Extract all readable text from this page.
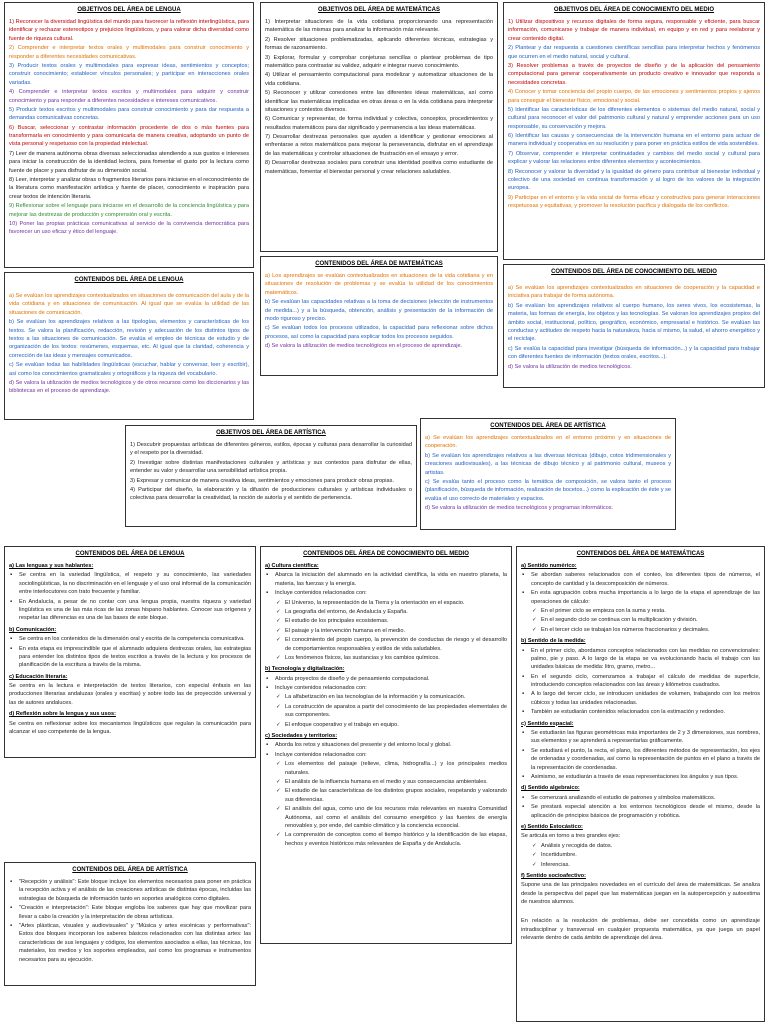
OBJETIVOS DEL ÁREA DE LENGUA

1) Reconocer la diversidad lingüística del mundo para favorecer la reflexión interlingüística, para identificar y rechazar estereotipos y prejuicios lingüísticos, y para valorar dicha diversidad como fuente de riqueza cultural.

2) Comprender e interpretar textos orales y multimodales para construir conocimiento y responder a diferentes necesidades comunicativas.

3) Producir textos orales y multimodales para expresar ideas, sentimientos y conceptos; construir conocimiento; establecer vínculos personales; y participar en interacciones orales variadas.

4) Comprender e interpretar textos escritos y multimodales para adquirir y construir conocimiento y para responder a diferentes necesidades e intereses comunicativos.

5) Producir textos escritos y multimodales para construir conocimiento y para dar respuesta a demandas comunicativas concretas.

6) Buscar, seleccionar y contrastar información procedente de dos o más fuentes para transformarla en conocimiento y para comunicarla de manera creativa, adoptando un punto de vista personal y respetuoso con la propiedad intelectual.

7) Leer de manera autónoma obras diversas seleccionadas atendiendo a sus gustos e intereses para iniciar la construcción de la identidad lectora, para fomentar el gusto por la lectura como fuente de placer y para disfrutar de su dimensión social.

8) Leer, interpretar y analizar obras o fragmentos literarios para iniciarse en el reconocimiento de la literatura como manifestación artística y fuente de placer, conocimiento e inspiración para crear textos de intención literaria.

9) Reflexionar sobre el lenguaje para iniciarse en el desarrollo de la conciencia lingüística y para mejorar las destrezas de producción y comprensión oral y escrita.

10) Poner las propias prácticas comunicativas al servicio de la convivencia democrática para favorecer un uso eficaz y ético del lenguaje.

OBJETIVOS DEL ÁREA DE MATEMÁTICAS

1) Interpretar situaciones de la vida cotidiana proporcionando una representación matemática de las mismas para analizar la información más relevante.

2) Resolver situaciones problematizadas, aplicando diferentes técnicas, estrategias y formas de razonamiento.

3) Explorar, formular y comprobar conjeturas sencillas o plantear problemas de tipo matemático para contrastar su validez, adquirir e integrar nuevo conocimiento.

4) Utilizar el pensamiento computacional para modelizar y automatizar situaciones de la vida cotidiana.

5) Reconocer y utilizar conexiones entre las diferentes ideas matemáticas, así como identificar las matemáticas implicadas en otras áreas o en la vida cotidiana para interpretar situaciones y contextos diversos.

6) Comunicar y representar, de forma individual y colectiva, conceptos, procedimientos y resultados matemáticos para dar significado y permanencia a las ideas matemáticas.

7) Desarrollar destrezas personales que ayuden a identificar y gestionar emociones al enfrentarse a retos matemáticos para mejorar la perseverancia, disfrutar en el aprendizaje de las matemáticas y controlar situaciones de frustración en el ensayo y error.

8) Desarrollar destrezas sociales para construir una identidad positiva como estudiante de matemáticas, fomentar el bienestar personal y crear relaciones saludables.

OBJETIVOS DEL ÁREA DE CONOCIMIENTO DEL MEDIO

1) Utilizar dispositivos y recursos digitales de forma segura, responsable y eficiente, para buscar información, comunicarse y trabajar de manera individual, en equipo y en red y para reelaborar y crear contenido digital.

2) Plantear y dar respuesta a cuestiones científicas sencillas para interpretar hechos y fenómenos que ocurren en el medio natural, social y cultural.

3) Resolver problemas a través de proyectos de diseño y de la aplicación del pensamiento computacional para generar cooperativamente un producto creativo e innovador que responda a necesidades concretas.

4) Conocer y tomar conciencia del propio cuerpo, de las emociones y sentimientos propios y ajenos para conseguir el bienestar físico, emocional y social.

5) Identificar las características de los diferentes elementos o sistemas del medio natural, social y cultural para reconocer el valor del patrimonio cultural y natural y emprender acciones para un uso responsable, su conservación y mejora.

6) Identificar las causas y consecuencias de la intervención humana en el entorno para actuar de manera individual y cooperativa en su resolución y para poner en práctica estilos de vida sostenibles.

7) Observar, comprender e interpretar continuidades y cambios del medio social y cultural para explicar y valorar las relaciones entre diferentes elementos y acontecimientos.

8) Reconocer y valorar la diversidad y la igualdad de género para contribuir al bienestar individual y colectivo de una sociedad en continua transformación y al logro de los valores de la integración europea.

9) Participar en el entorno y la vida social de forma eficaz y constructiva para generar interacciones respetuosas y equitativas, y promover la resolución pacífica y dialogada de los conflictos.

CONTENIDOS DEL ÁREA DE LENGUA

a) Se evalúan los aprendizajes contextualizados en situaciones de comunicación del aula y de la vida cotidiana y en situaciones de comunicación. Al igual que se evalúa la utilidad de las situaciones de comunicación.

b) Se evalúan los aprendizajes relativos a las tipologías, elementos y características de los textos. Se valora la planificación, redacción, revisión y adecuación de los distintos tipos de textos a las situaciones de comunicación. Se evalúa el empleo de técnicas de estudio y de organización de los textos: resúmenes, esquemas, etc. Al igual que la claridad, coherencia y corrección de las ideas y mensajes comunicados.

c) Se evalúan todas las habilidades lingüísticas (escuchar, hablar y conversar, leer y escribir), así como los conocimientos gramaticales y ortográficos y la riqueza del vocabulario.

d) Se valora la utilización de medios tecnológicos y de otros recursos como los diccionarios y las bibliotecas en el proceso de aprendizaje.

CONTENIDOS DEL ÁREA DE MATEMÁTICAS

a) Los aprendizajes se evalúan contextualizados en situaciones de la vida cotidiana y en situaciones de resolución de problemas y se evalúa la utilidad de los conocimientos matemáticos.

b) Se evalúan las capacidades relativas a la toma de decisiones (elección de instrumentos de medida...) y a la búsqueda, obtención, análisis y presentación de la información de modo riguroso y preciso.

c) Se evalúan todos los procesos utilizados, la capacidad para reflexionar sobre dichos procesos, así como la capacidad para explicar todos los procesos seguidos.

d) Se valora la utilización de medios tecnológicos en el proceso de aprendizaje.

CONTENIDOS DEL ÁREA DE CONOCIMIENTO DEL MEDIO

a) Se evalúan los aprendizajes contextualizados en situaciones de cooperación y la capacidad e iniciativa para trabajar de forma autónoma.

b) Se evalúan los aprendizajes relativos al cuerpo humano, los seres vivos, los ecosistemas, la materia, las formas de energía, los objetos y las tecnologías. Se valoran los aprendizajes propios del ámbito social, institucional, político, geográfico, económico, empresarial e histórico. Se evalúan las conductas y actitudes de respeto hacia la naturaleza, hacia sí mismo, la salud, el ahorro energético y el reciclaje.

c) Se evalúa la capacidad para investigar (búsqueda de información...) y la capacidad para trabajar con diferentes fuentes de información (textos orales, escritos...).

d) Se valora la utilización de medios tecnológicos.

OBJETIVOS DEL ÁREA DE ARTÍSTICA

1) Descubrir propuestas artísticas de diferentes géneros, estilos, épocas y culturas para desarrollar la curiosidad y el respeto por la diversidad.

2) Investigar sobre distintas manifestaciones culturales y artísticas y sus contextos para disfrutar de ellas, entender su valor y desarrollar una sensibilidad artística propia.

3) Expresar y comunicar de manera creativa ideas, sentimientos y emociones para producir obras propias.

4) Participar del diseño, la elaboración y la difusión de producciones culturales y artísticas individuales o colectivas para desarrollar la creatividad, la noción de autoría y el sentido de pertenencia.

CONTENIDOS DEL ÁREA DE ARTÍSTICA

a) Se evalúan los aprendizajes contextualizados en el entorno próximo y en situaciones de cooperación.

b) Se evalúan los aprendizajes relativos a las diversas técnicas (dibujo, cotos tridimensionales y creaciones audiovisuales), a las técnicas de dibujo técnico y al patrimonio cultural, museos y artistas.

c) Se evalúa tanto el proceso como la temática de composición, se valora tanto el proceso (planificación, búsqueda de información, realización de bocetos...) como la explicación de éste y se evalúa el uso correcto de materiales y espacios.

d) Se valora la utilización de medios tecnológicos y programas informáticos.

CONTENIDOS DEL ÁREA DE LENGUA
a) Las lenguas y sus hablantes:
▪ Se centra en la variedad lingüística, el respeto y su conocimiento, las variedades sociolingüísticas, la no discriminación en el lenguaje y el uso oral informal de la comunicación entre interlocutores con trato frecuente y familiar.
▪ En Andalucía, a pesar de no contar con una lengua propia, nuestra riqueza y variedad lingüística es una de las más ricas de las zonas hispano hablantes. Conocer sus orígenes y respetar las diferencias es una de las bases de este bloque.
b) Comunicación:
▪ Se centra en los contenidos de la dimensión oral y escrita de la competencia comunicativa.
▪ En esta etapa es imprescindible que el alumnado adquiera destrezas orales, las estrategias para entender los distintos tipos de textos escritos a través de la lectura y los procesos de planificación de la escritura a través de la misma.
c) Educación literaria:

Se centra en la lectura e interpretación de textos literarios, con especial énfasis en las producciones literarias andaluzas (orales y escritas) y sobre todo las de proyección universal y las de autores andaluces.

d) Reflexión sobre la lengua y sus usos:

Se centra en reflexionar sobre los mecanismos lingüísticos que regulan la comunicación para alcanzar el uso competente de la lengua.

CONTENIDOS DEL ÁREA DE ARTÍSTICA
▪ "Recepción y análisis": Este bloque incluye los elementos necesarios para poner en práctica la recepción activa y el análisis de las creaciones artísticas de distintas épocas, incluidas las estrategias de búsqueda de información tanto en soportes analógicos como digitales.
▪ "Creación e interpretación": Este bloque engloba los saberes que hay que movilizar para llevar a cabo la creación y la interpretación de obras artísticas.
▪ "Artes plásticas, visuales y audiovisuales" y "Música y artes escénicas y performativas": Estos dos bloques incorporan los saberes básicos relacionados con las distintas artes: las características de sus lenguajes y códigos, los elementos asociados a ellas, las técnicas, los materiales, los medios y los soportes empleados, así como los programas e instrumentos necesarios para su ejecución.
CONTENIDOS DEL ÁREA DE CONOCIMIENTO DEL MEDIO
a) Cultura científica:
▪ Abarca la iniciación del alumnado en la actividad científica, la vida en nuestro planeta, la materia, las fuerzas y la energía.
▪ Incluye contenidos relacionados con:
✓ El Universo, la representación de la Tierra y la orientación en el espacio.
✓ La geografía del entorno, de Andalucía y España.
✓ El estudio de los principales ecosistemas.
✓ El paisaje y la intervención humana en el medio.
✓ El conocimiento del propio cuerpo, la prevención de conductas de riesgo y el desarrollo de comportamientos responsables y estilos de vida saludables.
✓ Los fenómenos físicos, las sustancias y los cambios químicos.
b) Tecnología y digitalización:
▪ Aborda proyectos de diseño y de pensamiento computacional.
▪ Incluye contenidos relacionados con:
✓ La alfabetización en las tecnologías de la información y la comunicación.
✓ La construcción de aparatos a partir del conocimiento de las propiedades elementales de sus componentes.
✓ El enfoque cooperativo y el trabajo en equipo.
c) Sociedades y territorios:
▪ Aborda los retos y situaciones del presente y del entorno local y global.
▪ Incluye contenidos relacionados con:
✓ Los elementos del paisaje (relieve, clima, hidrografía...) y los principales medios naturales.
✓ El análisis de la influencia humana en el medio y sus consecuencias ambientales.
✓ El estudio de las características de los distintos grupos sociales, respetando y valorando sus diferencias.
✓ El análisis del agua, como uno de los recursos más relevantes en nuestra Comunidad Autónoma, así como el análisis del consumo energético y las fuentes de energía renovables y, por ende, del cambio climático y la conciencia ecosocial.
✓ La comprensión de conceptos como el tiempo histórico y la identificación de las etapas, hechos y eventos históricos más relevantes de España y de Andalucía.
CONTENIDOS DEL ÁREA DE MATEMÁTICAS
a) Sentido numérico:
▪ Se abordan saberes relacionados con el conteo, los diferentes tipos de números, el concepto de cantidad y la descomposición de números.
▪ En esta agrupación cobra mucha importancia a lo largo de la etapa el aprendizaje de las operaciones de cálculo:
✓ En el primer ciclo se empieza con la suma y resta.
✓ En el segundo ciclo se continua con la multiplicación y división.
✓ En el tercer ciclo se trabajan los números fraccionarios y decimales.
b) Sentido de la medida:
▪ En el primer ciclo, abordamos conceptos relacionados con las medidas no convencionales: palmo, pie y paso. A lo largo de la etapa se va evolucionando hacia el trabajo con las unidades básicas de medida: litro, gramo, metro...
▪ En el segundo ciclo, comenzamos a trabajar el cálculo de medidas de superficie, introduciendo conceptos relacionados con las áreas y kilómetros cuadrados.
▪ A lo largo del tercer ciclo, se introducen unidades de volumen, trabajando con los metros cúbicos y todas las unidades relacionadas.
▪ También se estudiarán contenidos relacionados con la estimación y redondeo.
c) Sentido espacial:
▪ Se estudiarán las figuras geométricas más importantes de 2 y 3 dimensiones, sus nombres, sus elementos y se aprenderá a representarlas gráficamente.
▪ Se estudiará el punto, la recta, el plano, los diferentes métodos de representación, los ejes de ordenadas y coordenadas, así como la representación de puntos en el plano a través de la representación de coordenadas.
▪ Asimismo, se estudiarán a través de esas representaciones los ángulos y sus tipos.
d) Sentido algebraico:
▪ Se comenzará analizando el estudio de patrones y símbolos matemáticos.
▪ Se prestará especial atención a los entornos tecnológicos desde el mismo, desde la aplicación de principios básicos de programación y robótica.
e) Sentido Estocástico:

Se articula en torno a tres grandes ejes:

✓ Análisis y recogida de datos.
✓ Incertidumbre.
✓ Inferencias.
f) Sentido socioafectivo:

Supone una de las principales novedades en el currículo del área de matemáticas. Se analiza desde la perspectiva del papel que las matemáticas juegan en la autopercepción y autoestima de nuestros alumnos.

En relación a la resolución de problemas, debe ser concebida como un aprendizaje intradisciplinar y transversal en cualquier propuesta matemática, ya que juega un papel relevante dentro de cada ámbito de aprendizaje del área.
